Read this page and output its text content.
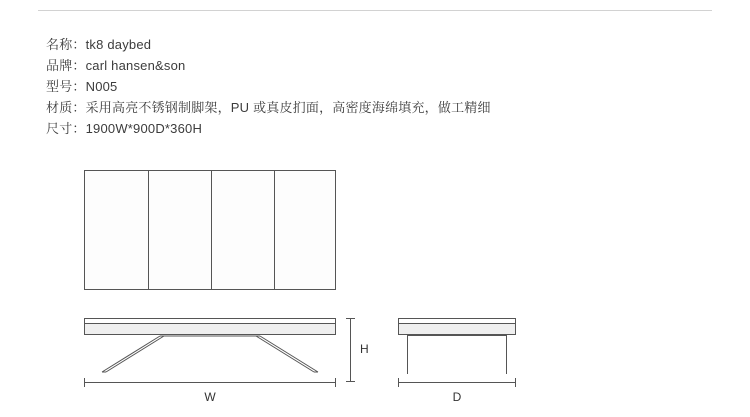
名称：tk8 daybed
品牌：carl hansen&son
型号：N005
材质：采用高亮不锈钢制脚架，PU 或真皮扪面，高密度海绵填充，做工精细
尺寸：1900W*900D*360H
W	D
H
